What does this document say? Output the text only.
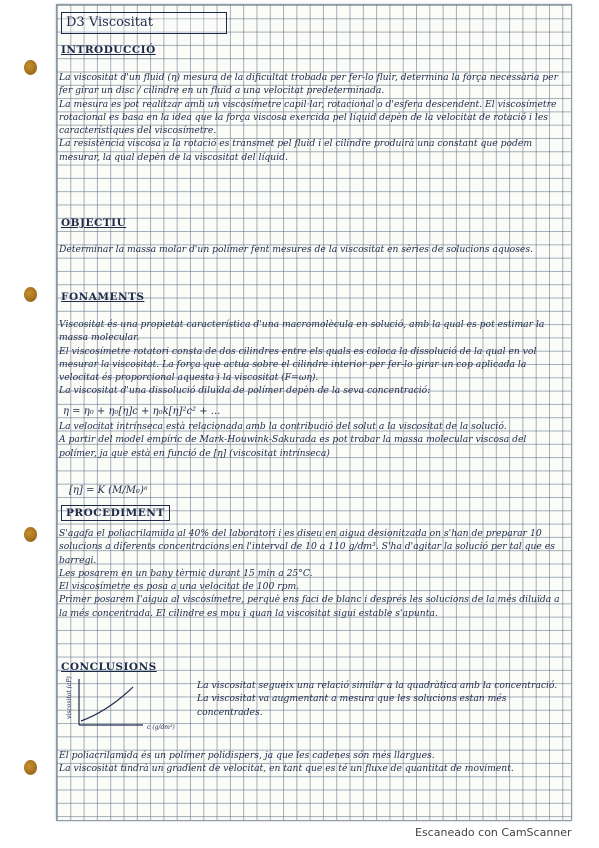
D3 Viscositat
INTRODUCCIÓ

La viscositat d'un fluid (η) mesura de la dificultat trobada per fer-lo fluir, determina la força necessària per fer girar un disc / cilindre en un fluid a una velocitat predeterminada.
La mesura es pot realitzar amb un viscosímetre capil·lar, rotacional o d'esfera descendent. El viscosímetre rotacional es basa en la idea que la força viscosa exercida pel líquid depèn de la velocitat de rotació i les característiques del viscosímetre.
La resistència viscosa a la rotació es transmet pel fluid i el cilindre produirà una constant que podem mesurar, la qual depèn de la viscositat del líquid.

OBJECTIU

Determinar la massa molar d'un polímer fent mesures de la viscositat en sèries de solucions aquoses.

FONAMENTS

Viscositat és una propietat característica d'una macromolècula en solució, amb la qual es pot estimar la massa molecular.
El viscosímetre rotatori consta de dos cilindres entre els quals es coloca la dissolució de la qual en vol mesurar la viscositat. La força que actua sobre el cilindre interior per fer-lo girar un cop aplicada la velocitat és proporcional aquesta i la viscositat (F=ωη).
La viscositat d'una dissolució diluïda de polímer depèn de la seva concentració:

η = η₀ + η₀[η]c + η₀k[η]²c² + ...

La velocitat intrínseca està relacionada amb la contribució del solut a la viscositat de la solució.
A partir del model empíric de Mark-Houwink-Sakurada es pot trobar la massa molecular viscosa del polímer, ja que està en funció de [η] (viscositat intrínseca)

[η] = K (M/M₀)ᵃ
PROCEDIMENT

S'agafa el poliacrilamida al 40% del laboratori i es diseu en aigua desionitzada on s'han de preparar 10 solucions a diferents concentracions en l'interval de 10 a 110 g/dm³. S'ha d'agitar la solució per tal que es barregi.
Les posarem en un bany tèrmic durant 15 min a 25°C.
El viscosímetre es posa a una velocitat de 100 rpm.
Primer posarem l'aigua al viscosímetre, perquè ens faci de blanc i després les solucions de la més diluïda a la més concentrada. El cilindre es mou i quan la viscositat sigui estable s'apunta.

CONCLUSIONS
viscositat (cP)
c (g/dm³)

La viscositat segueix una relació similar a la quadràtica amb la concentració. La viscositat va augmentant a mesura que les solucions estan més concentrades.

El poliacrilamida és un polímer polidispers, ja que les cadenes són més llargues.
La viscositat tindrà un gradient de velocitat, en tant que es té un fluxe de quantitat de moviment.

Escaneado con CamScanner
